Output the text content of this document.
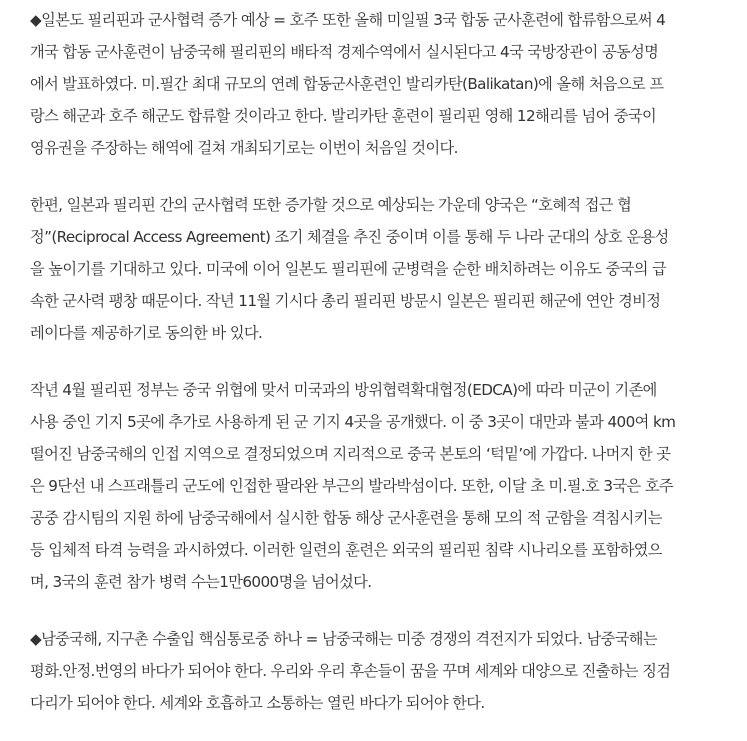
◆일본도 필리핀과 군사협력 증가 예상 = 호주 또한 올해 미일필 3국 합동 군사훈련에 합류함으로써 4
개국 합동 군사훈련이 남중국해 필리핀의 배타적 경제수역에서 실시된다고 4국 국방장관이 공동성명
에서 발표하였다. 미.필간 최대 규모의 연례 합동군사훈련인 발리카탄(Balikatan)에 올해 처음으로 프
랑스 해군과 호주 해군도 합류할 것이라고 한다. 발리카탄 훈련이 필리핀 영해 12해리를 넘어 중국이
영유권을 주장하는 해역에 걸쳐 개최되기로는 이번이 처음일 것이다.

한편, 일본과 필리핀 간의 군사협력 또한 증가할 것으로 예상되는 가운데 양국은 “호혜적 접근 협
정”(Reciprocal Access Agreement) 조기 체결을 추진 중이며 이를 통해 두 나라 군대의 상호 운용성
을 높이기를 기대하고 있다. 미국에 이어 일본도 필리핀에 군병력을 순한 배치하려는 이유도 중국의 급
속한 군사력 팽창 때문이다. 작년 11월 기시다 총리 필리핀 방문시 일본은 필리핀 해군에 연안 경비정
레이다를 제공하기로 동의한 바 있다.

작년 4월 필리핀 정부는 중국 위협에 맞서 미국과의 방위협력확대협정(EDCA)에 따라 미군이 기존에
사용 중인 기지 5곳에 추가로 사용하게 된 군 기지 4곳을 공개했다. 이 중 3곳이 대만과 불과 400여 km
떨어진 남중국해의 인접 지역으로 결정되었으며 지리적으로 중국 본토의 ‘턱밑’에 가깝다. 나머지 한 곳
은 9단선 내 스프래틀리 군도에 인접한 팔라완 부근의 발라박섬이다. 또한, 이달 초 미.필.호 3국은 호주
공중 감시팀의 지원 하에 남중국해에서 실시한 합동 해상 군사훈련을 통해 모의 적 군함을 격침시키는
등 입체적 타격 능력을 과시하였다. 이러한 일련의 훈련은 외국의 필리핀 침략 시나리오를 포함하였으
며, 3국의 훈련 참가 병력 수는1만6000명을 넘어섰다.

◆남중국해, 지구촌 수출입 핵심통로중 하나 = 남중국해는 미중 경쟁의 격전지가 되었다. 남중국해는
평화.안정.번영의 바다가 되어야 한다. 우리와 우리 후손들이 꿈을 꾸며 세계와 대양으로 진출하는 징검
다리가 되어야 한다. 세계와 호흡하고 소통하는 열린 바다가 되어야 한다.
